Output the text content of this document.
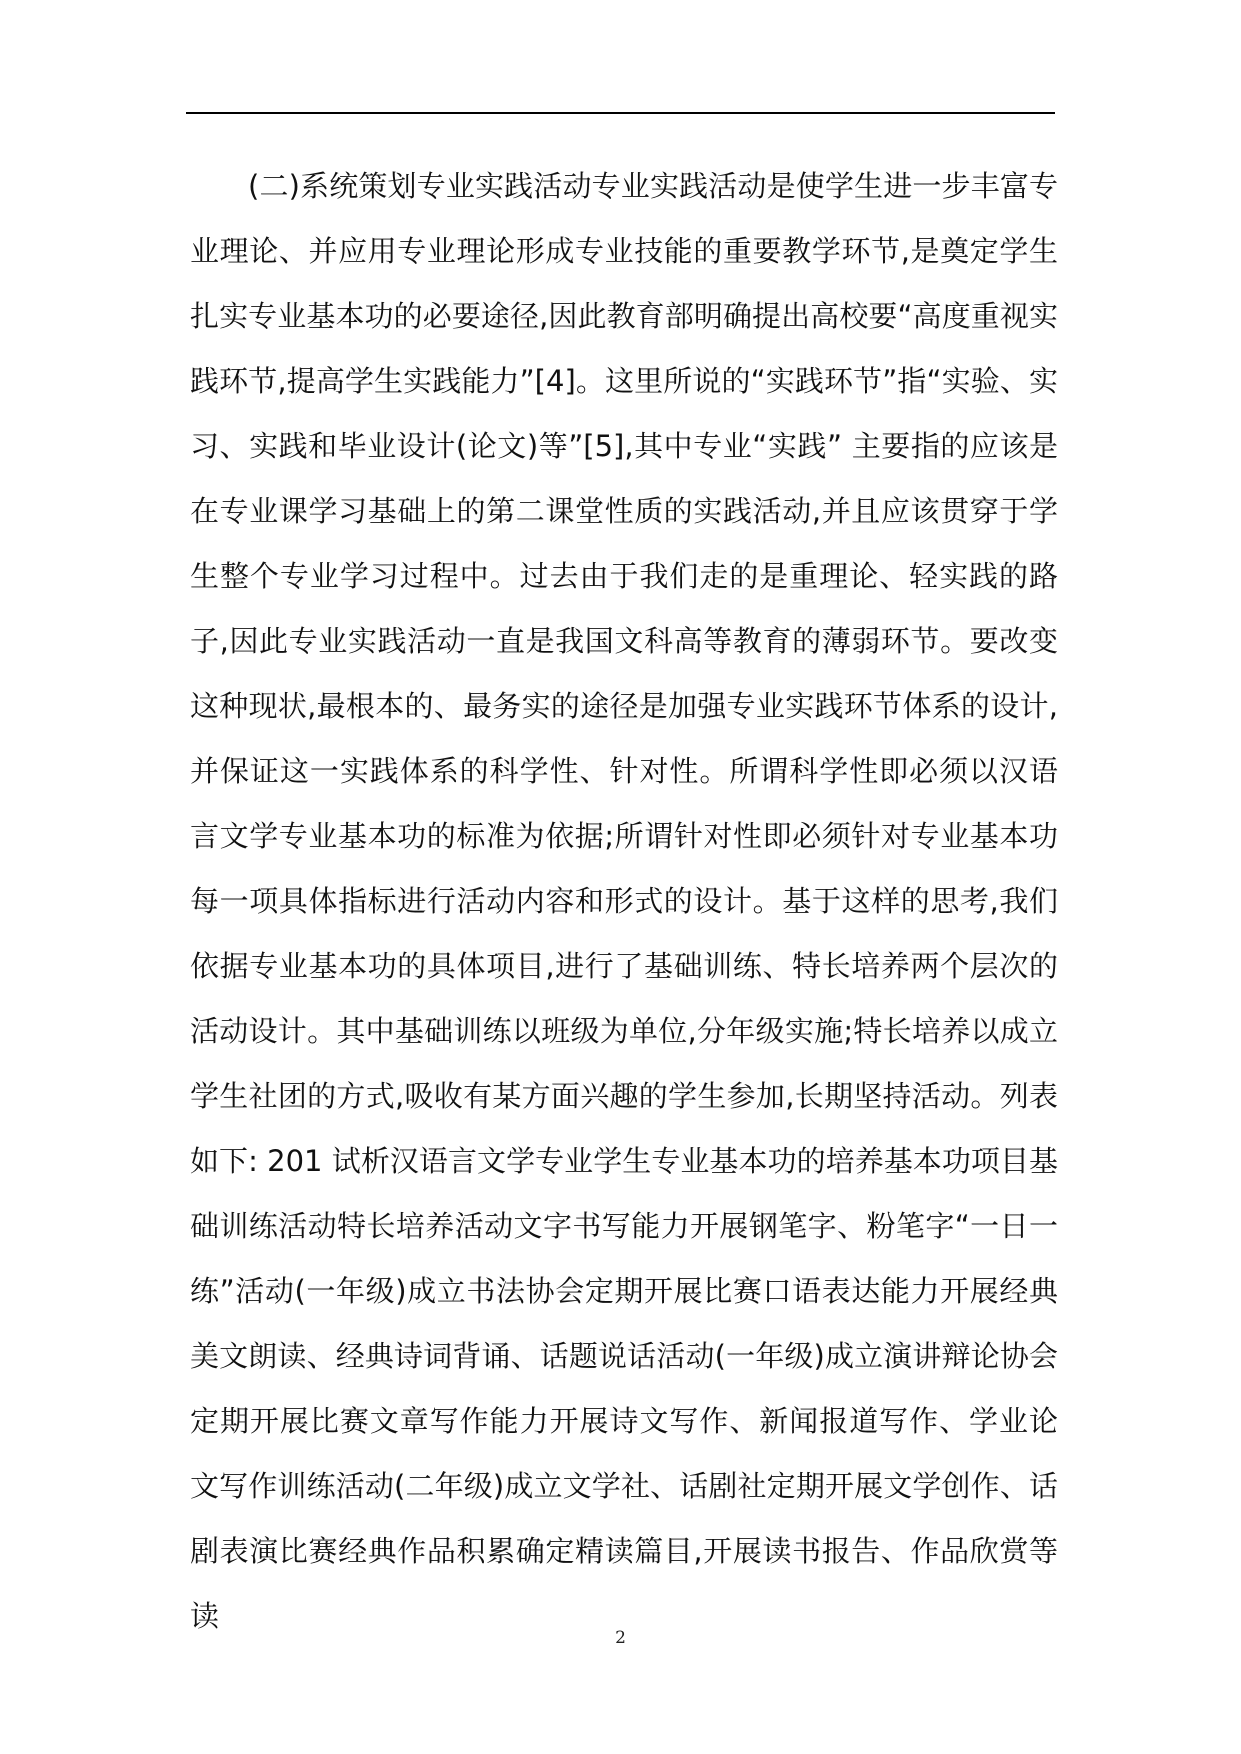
(二)系统策划专业实践活动专业实践活动是使学生进一步丰富专业理论、并应用专业理论形成专业技能的重要教学环节,是奠定学生扎实专业基本功的必要途径,因此教育部明确提出高校要“高度重视实践环节,提高学生实践能力”[4]。这里所说的“实践环节”指“实验、实习、实践和毕业设计(论文)等”[5],其中专业“实践” 主要指的应该是在专业课学习基础上的第二课堂性质的实践活动,并且应该贯穿于学生整个专业学习过程中。过去由于我们走的是重理论、轻实践的路子,因此专业实践活动一直是我国文科高等教育的薄弱环节。要改变这种现状,最根本的、最务实的途径是加强专业实践环节体系的设计,并保证这一实践体系的科学性、针对性。所谓科学性即必须以汉语言文学专业基本功的标准为依据;所谓针对性即必须针对专业基本功每一项具体指标进行活动内容和形式的设计。基于这样的思考,我们依据专业基本功的具体项目,进行了基础训练、特长培养两个层次的活动设计。其中基础训练以班级为单位,分年级实施;特长培养以成立学生社团的方式,吸收有某方面兴趣的学生参加,长期坚持活动。列表如下: 201 试析汉语言文学专业学生专业基本功的培养基本功项目基础训练活动特长培养活动文字书写能力开展钢笔字、粉笔字“一日一练”活动(一年级)成立书法协会定期开展比赛口语表达能力开展经典美文朗读、经典诗词背诵、话题说话活动(一年级)成立演讲辩论协会定期开展比赛文章写作能力开展诗文写作、新闻报道写作、学业论文写作训练活动(二年级)成立文学社、话剧社定期开展文学创作、话剧表演比赛经典作品积累确定精读篇目,开展读书报告、作品欣赏等读

2
